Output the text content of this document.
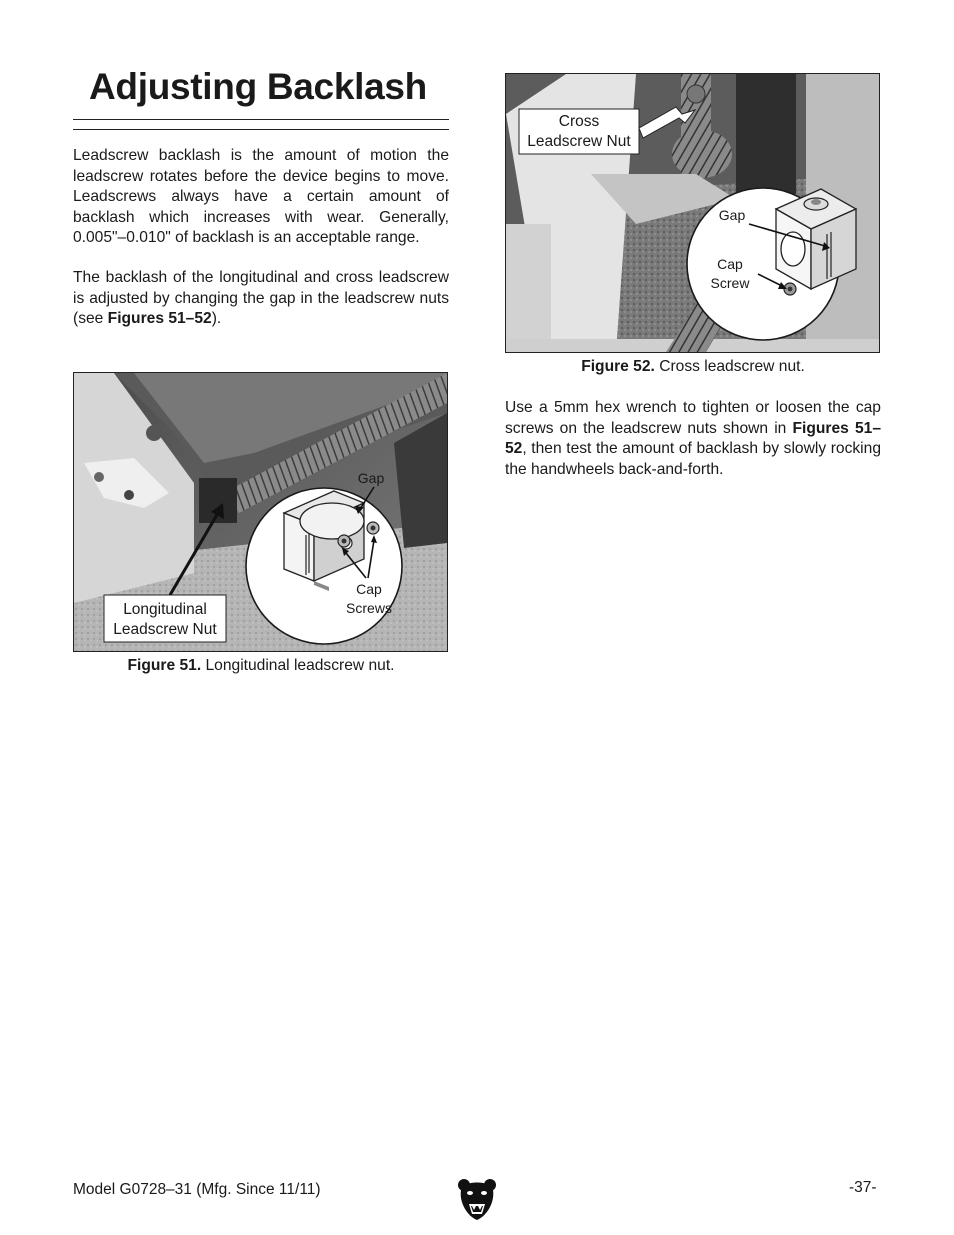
Adjusting Backlash

Leadscrew backlash is the amount of motion the leadscrew rotates before the device begins to move. Leadscrews always have a certain amount of backlash which increases with wear. Generally, 0.005"–0.010" of backlash is an acceptable range.

The backlash of the longitudinal and cross leadscrew is adjusted by changing the gap in the leadscrew nuts (see Figures 51–52).

Gap
Cap
Screws
Longitudinal
Leadscrew Nut
Figure 51. Longitudinal leadscrew nut.
Gap
Cap
Screw
Cross
Leadscrew Nut
Figure 52. Cross leadscrew nut.

Use a 5mm hex wrench to tighten or loosen the cap screws on the leadscrew nuts shown in Figures 51–52, then test the amount of backlash by slowly rocking the handwheels back-and-forth.

Model G0728–31 (Mfg. Since 11/11)	-37-
